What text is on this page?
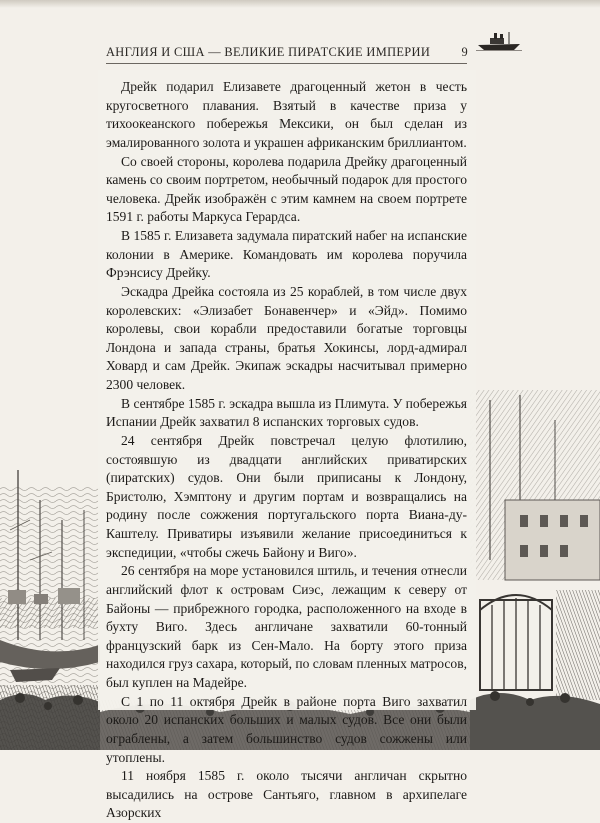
АНГЛИЯ И США — ВЕЛИКИЕ ПИРАТСКИЕ ИМПЕРИИ	9

Дрейк подарил Елизавете драгоценный жетон в честь кругосветного плавания. Взятый в качестве приза у тихоокеанского побережья Мексики, он был сделан из эмалированного золота и украшен африканским бриллиантом.

Со своей стороны, королева подарила Дрейку драгоценный камень со своим портретом, необычный подарок для простого человека. Дрейк изображён с этим камнем на своем портрете 1591 г. работы Маркуса Герардса.

В 1585 г. Елизавета задумала пиратский набег на испанские колонии в Америке. Командовать им королева поручила Фрэнсису Дрейку.

Эскадра Дрейка состояла из 25 кораблей, в том числе двух королевских: «Элизабет Бонавенчер» и «Эйд». Помимо королевы, свои корабли предоставили богатые торговцы Лондона и запада страны, братья Хокинсы, лорд-адмирал Ховард и сам Дрейк. Экипаж эскадры насчитывал примерно 2300 человек.

В сентябре 1585 г. эскадра вышла из Плимута. У побережья Испании Дрейк захватил 8 испанских торговых судов.

24 сентября Дрейк повстречал целую флотилию, состоявшую из двадцати английских приватирских (пиратских) судов. Они были приписаны к Лондону, Бристолю, Хэмптону и другим портам и возвращались на родину после сожжения португальского порта Виана-ду-Каштелу. Приватиры изъявили желание присоединиться к экспедиции, «чтобы сжечь Байону и Виго».

26 сентября на море установился штиль, и течения отнесли английский флот к островам Сиэс, лежащим к северу от Байоны — прибрежного городка, расположенного на входе в бухту Виго. Здесь англичане захватили 60-тонный французский барк из Сен-Мало. На борту этого приза находился груз сахара, который, по словам пленных матросов, был куплен на Мадейре.

С 1 по 11 октября Дрейк в районе порта Виго захватил около 20 испанских больших и малых судов. Все они были ограблены, а затем большинство судов сожжены или утоплены.

11 ноября 1585 г. около тысячи англичан скрытно высадились на острове Сантьяго, главном в архипелаге Азорских
